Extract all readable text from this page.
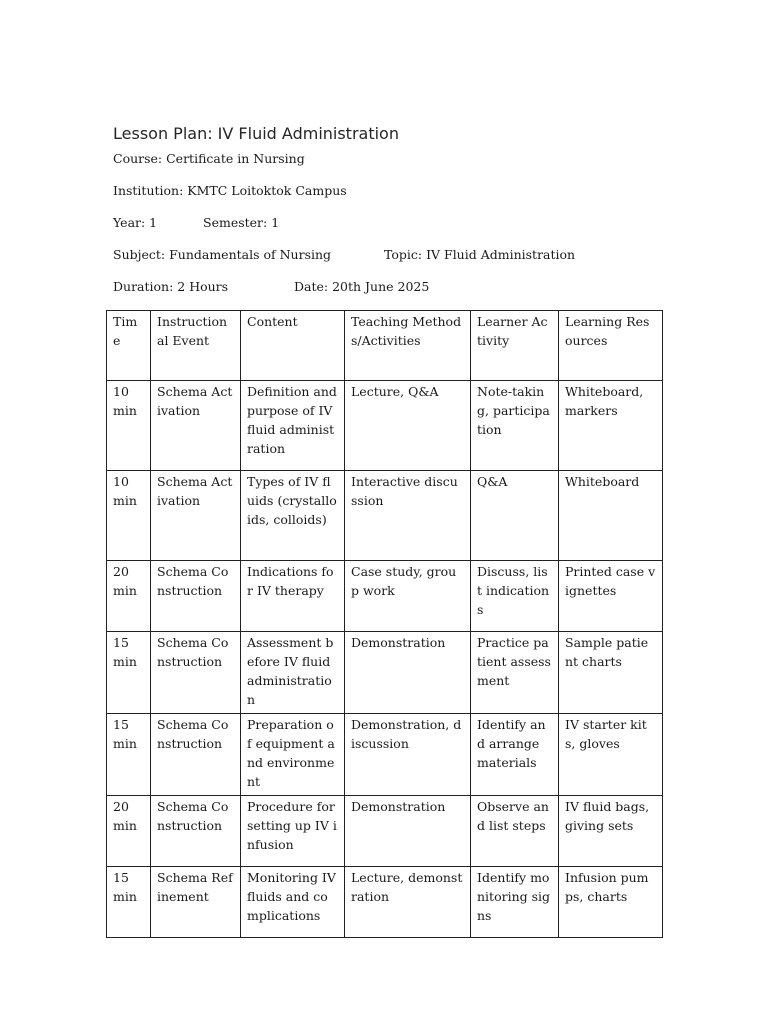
Lesson Plan: IV Fluid Administration
Course: Certificate in Nursing
Institution: KMTC Loitoktok Campus
Year: 1	Semester: 1
Subject: Fundamentals of Nursing	Topic: IV Fluid Administration
Duration: 2 Hours	Date: 20th June 2025
Time	Instructional Event	Content	Teaching Methods/Activities	Learner Activity	Learning Resources
10 min	Schema Activation	Definition and purpose of IV fluid administration	Lecture, Q&A	Note-taking, participation	Whiteboard, markers
10 min	Schema Activation	Types of IV fluids (crystalloids, colloids)	Interactive discussion	Q&A	Whiteboard
20 min	Schema Construction	Indications for IV therapy	Case study, group work	Discuss, list indications	Printed case vignettes
15 min	Schema Construction	Assessment before IV fluid administration	Demonstration	Practice patient assessment	Sample patient charts
15 min	Schema Construction	Preparation of equipment and environment	Demonstration, discussion	Identify and arrange materials	IV starter kits, gloves
20 min	Schema Construction	Procedure for setting up IV infusion	Demonstration	Observe and list steps	IV fluid bags, giving sets
15 min	Schema Refinement	Monitoring IV fluids and complications	Lecture, demonstration	Identify monitoring signs	Infusion pumps, charts
